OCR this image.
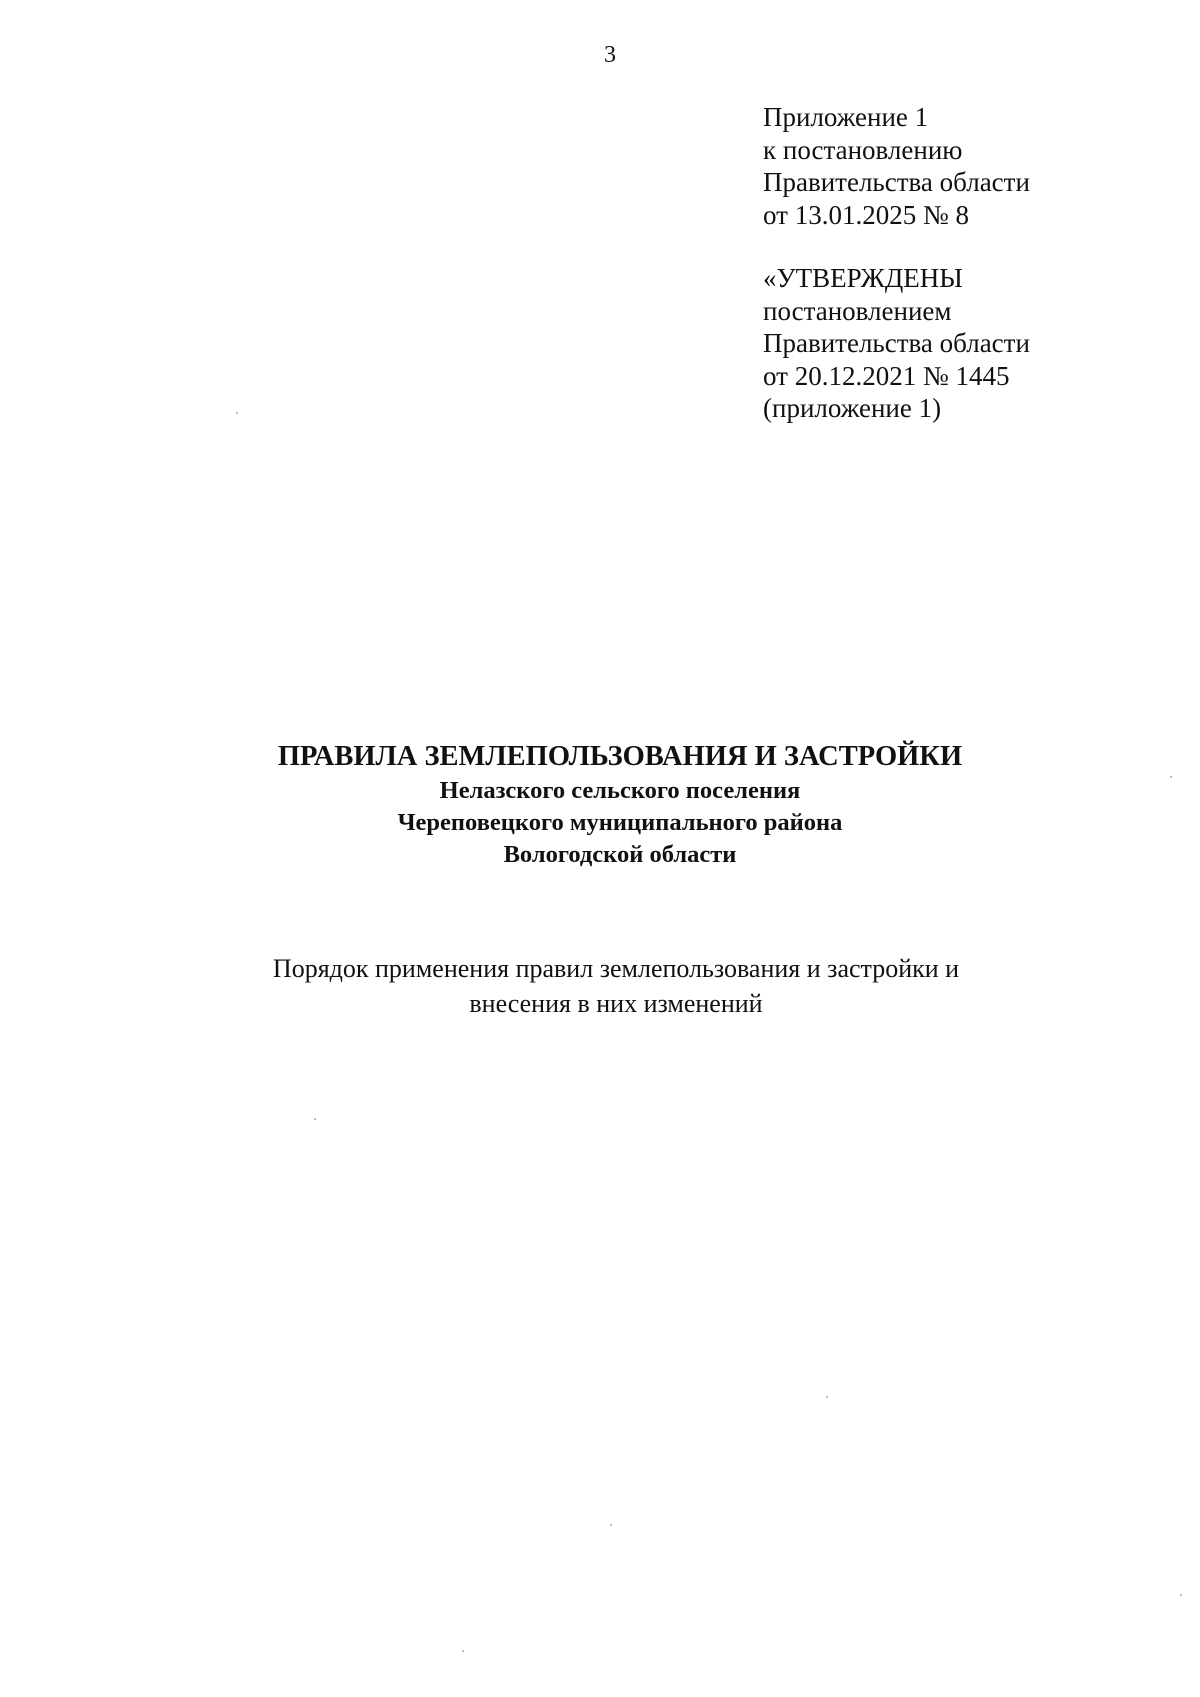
3
Приложение 1
к постановлению
Правительства области
от 13.01.2025 № 8
«УТВЕРЖДЕНЫ
постановлением
Правительства области
от 20.12.2021 № 1445
(приложение 1)
ПРАВИЛА ЗЕМЛЕПОЛЬЗОВАНИЯ И ЗАСТРОЙКИ
Нелазского сельского поселения
Череповецкого муниципального района
Вологодской области
Порядок применения правил землепользования и застройки и
внесения в них изменений
